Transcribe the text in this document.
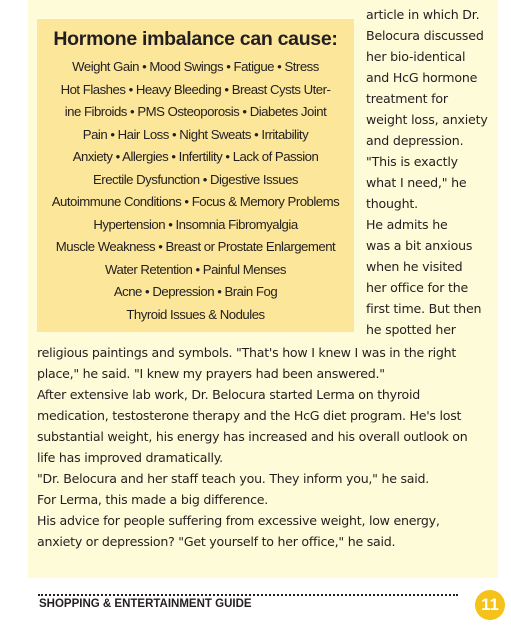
Hormone imbalance can cause:
Weight Gain • Mood Swings • Fatigue • Stress
Hot Flashes • Heavy Bleeding • Breast Cysts Uter-
ine Fibroids • PMS Osteoporosis • Diabetes Joint
Pain • Hair Loss • Night Sweats • Irritability
Anxiety • Allergies • Infertility • Lack of Passion
Erectile Dysfunction • Digestive Issues
Autoimmune Conditions • Focus & Memory Problems
Hypertension • Insomnia Fibromyalgia
Muscle Weakness • Breast or Prostate Enlargement
Water Retention • Painful Menses
Acne • Depression • Brain Fog
Thyroid Issues & Nodules
article in which Dr.
Belocura discussed
her bio-identical
and HcG hormone
treatment for
weight loss, anxiety
and depression.
"This is exactly
what I need," he
thought.
He admits he
was a bit anxious
when he visited
her office for the
first time. But then
he spotted her
religious paintings and symbols. "That's how I knew I was in the right
place," he said. "I knew my prayers had been answered."
After extensive lab work, Dr. Belocura started Lerma on thyroid
medication, testosterone therapy and the HcG diet program. He's lost
substantial weight, his energy has increased and his overall outlook on
life has improved dramatically.
"Dr. Belocura and her staff teach you. They inform you," he said.
For Lerma, this made a big difference.
His advice for people suffering from excessive weight, low energy,
anxiety or depression? "Get yourself to her office," he said.
SHOPPING & ENTERTAINMENT GUIDE	11
